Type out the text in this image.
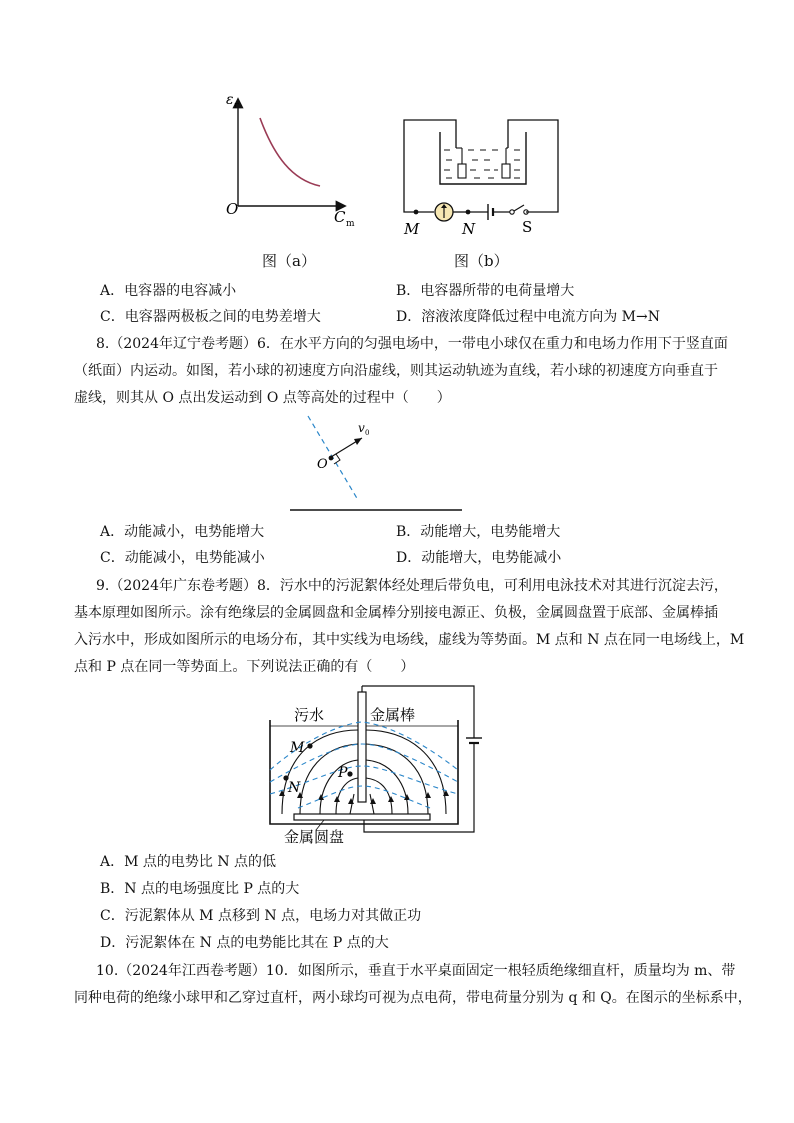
ε r
O	C m	M	N	S
图（a）	图（b）
A．电容器的电容减小	B．电容器所带的电荷量增大
C．电容器两极板之间的电势差增大	D．溶液浓度降低过程中电流方向为 M→N
8.（2024年辽宁卷考题）6．在水平方向的匀强电场中，一带电小球仅在重力和电场力作用下于竖直面
（纸面）内运动。如图，若小球的初速度方向沿虚线，则其运动轨迹为直线，若小球的初速度方向垂直于
虚线，则其从 O 点出发运动到 O 点等高处的过程中（　　）
O
v 0
A．动能减小，电势能增大	B．动能增大，电势能增大
C．动能减小，电势能减小	D．动能增大，电势能减小
9.（2024年广东卷考题）8．污水中的污泥絮体经处理后带负电，可利用电泳技术对其进行沉淀去污，
基本原理如图所示。涂有绝缘层的金属圆盘和金属棒分别接电源正、负极，金属圆盘置于底部、金属棒插
入污水中，形成如图所示的电场分布，其中实线为电场线，虚线为等势面。M 点和 N 点在同一电场线上，M
点和 P 点在同一等势面上。下列说法正确的有（　　）
M
N
P
污水	金属棒
金属圆盘
A．M 点的电势比 N 点的低
B．N 点的电场强度比 P 点的大
C．污泥絮体从 M 点移到 N 点，电场力对其做正功
D．污泥絮体在 N 点的电势能比其在 P 点的大
10.（2024年江西卷考题）10．如图所示，垂直于水平桌面固定一根轻质绝缘细直杆，质量均为 m、带
同种电荷的绝缘小球甲和乙穿过直杆，两小球均可视为点电荷，带电荷量分别为 q 和 Q。在图示的坐标系中，
